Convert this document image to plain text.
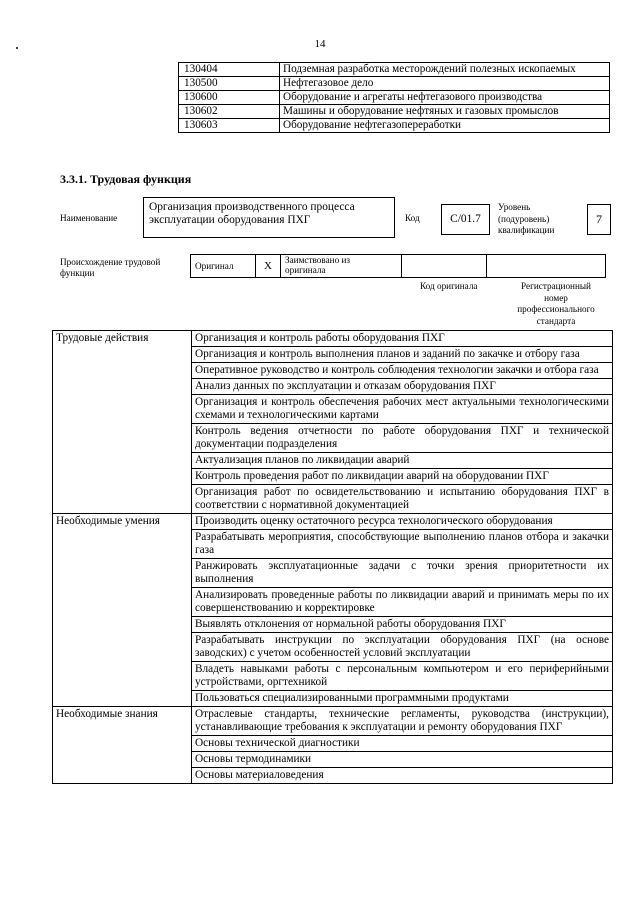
14
	130404	Подземная разработка месторождений полезных ископаемых
	130500	Нефтегазовое дело
	130600	Оборудование и агрегаты нефтегазового производства
	130602	Машины и оборудование нефтяных и газовых промыслов
	130603	Оборудование нефтегазопереработки
3.3.1. Трудовая функция
Наименование
Организация производственного процесса эксплуатации оборудования ПХГ	Код	C/01.7
Уровень
(подуровень)
квалификации
7
Происхождение трудовой
функции
Оригинал	X	Заимствовано из
оригинала

Код оригинала	Регистрационный
номер
профессионального
стандарта
Трудовые действия	Организация и контроль работы оборудования ПХГ
	Организация и контроль выполнения планов и заданий по закачке и отбору газа
	Оперативное руководство и контроль соблюдения технологии закачки и отбора газа
	Анализ данных по эксплуатации и отказам оборудования ПХГ
	Организация и контроль обеспечения рабочих мест актуальными технологическими схемами и технологическими картами
	Контроль ведения отчетности по работе оборудования ПХГ и технической документации подразделения
	Актуализация планов по ликвидации аварий
	Контроль проведения работ по ликвидации аварий на оборудовании ПХГ
	Организация работ по освидетельствованию и испытанию оборудования ПХГ в соответствии с нормативной документацией
Необходимые умения	Производить оценку остаточного ресурса технологического оборудования
	Разрабатывать мероприятия, способствующие выполнению планов отбора и закачки газа
	Ранжировать эксплуатационные задачи с точки зрения приоритетности их выполнения
	Анализировать проведенные работы по ликвидации аварий и принимать меры по их совершенствованию и корректировке
	Выявлять отклонения от нормальной работы оборудования ПХГ
	Разрабатывать инструкции по эксплуатации оборудования ПХГ (на основе заводских) с учетом особенностей условий эксплуатации
	Владеть навыками работы с персональным компьютером и его периферийными устройствами, оргтехникой
	Пользоваться специализированными программными продуктами
Необходимые знания	Отраслевые стандарты, технические регламенты, руководства (инструкции), устанавливающие требования к эксплуатации и ремонту оборудования ПХГ
	Основы технической диагностики
	Основы термодинамики
	Основы материаловедения
